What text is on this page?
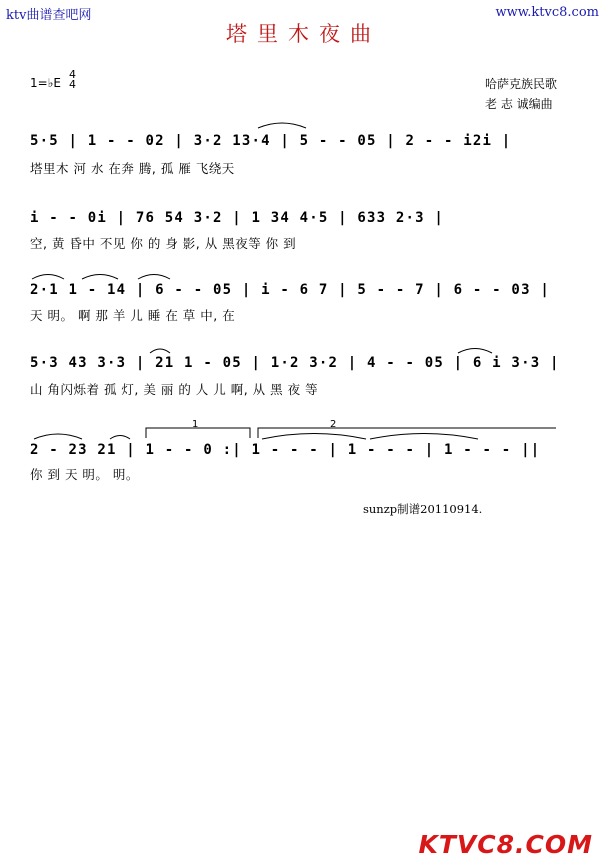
ktv曲谱查吧网	www.ktvc8.com
塔里木夜曲
1=♭E
4
4	哈萨克族民歌
老 志 诚编曲
5·5 | 1 - - 02 | 3·2 13·4 | 5 - - 05 | 2 - - i2i |
塔里木 河 水 在奔 腾, 孤 雁 飞绕天
i - - 0i | 76 54 3·2 | 1 34 4·5 | 633 2·3 |
空, 黄 昏中 不见 你 的 身 影, 从 黑夜等 你 到
2·1 1 - 14 | 6 - - 05 | i - 6 7 | 5 - - 7 | 6 - - 03 |
天 明。 啊 那 羊 儿 睡 在 草 中, 在
5·3 43 3·3 | 21 1 - 05 | 1·2 3·2 | 4 - - 05 | 6 i 3·3 |
山 角闪烁着 孤 灯, 美 丽 的 人 儿 啊, 从 黑 夜 等
2 - 23 21 | 1 - - 0 :| 1 - - - | 1 - - - | 1 - - - ||
你 到 天 明。 明。
1	2
sunzp制谱20110914.
KTVC8.COM
